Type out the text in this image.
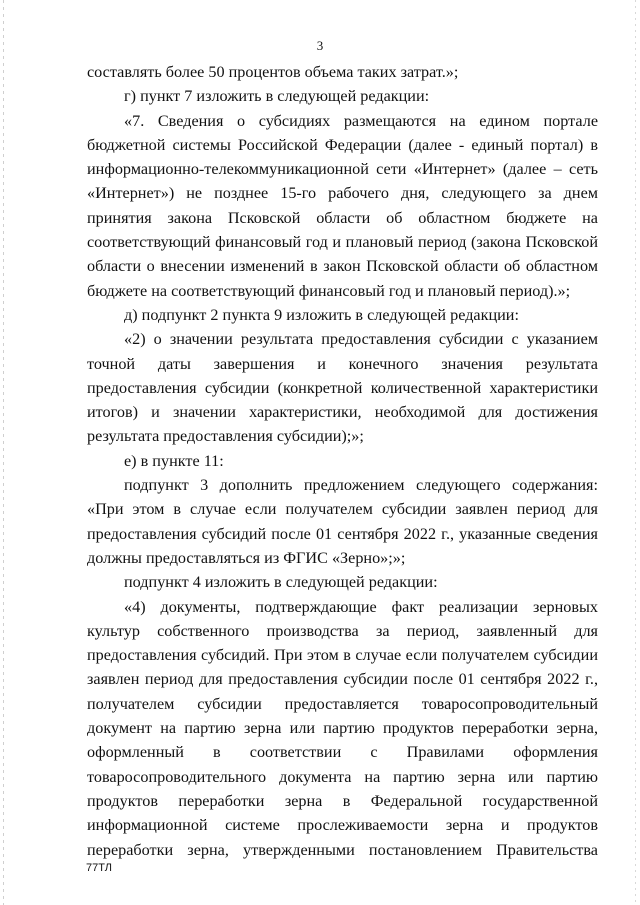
3
составлять более 50 процентов объема таких затрат.»;
г) пункт 7 изложить в следующей редакции:
«7. Сведения о субсидиях размещаются на едином портале
бюджетной системы Российской Федерации (далее - единый портал) в
информационно-телекоммуникационной сети «Интернет» (далее – сеть
«Интернет») не позднее 15-го рабочего дня, следующего за днем
принятия закона Псковской области об областном бюджете на
соответствующий финансовый год и плановый период (закона Псковской
области о внесении изменений в закон Псковской области об областном
бюджете на соответствующий финансовый год и плановый период).»;
д) подпункт 2 пункта 9 изложить в следующей редакции:
«2) о значении результата предоставления субсидии с указанием
точной даты завершения и конечного значения результата
предоставления субсидии (конкретной количественной характеристики
итогов) и значении характеристики, необходимой для достижения
результата предоставления субсидии);»;
е) в пункте 11:
подпункт 3 дополнить предложением следующего содержания:
«При этом в случае если получателем субсидии заявлен период для
предоставления субсидий после 01 сентября 2022 г., указанные сведения
должны предоставляться из ФГИС «Зерно»;»;
подпункт 4 изложить в следующей редакции:
«4) документы, подтверждающие факт реализации зерновых
культур собственного производства за период, заявленный для
предоставления субсидий. При этом в случае если получателем субсидии
заявлен период для предоставления субсидии после 01 сентября 2022 г.,
получателем субсидии предоставляется товаросопроводительный
документ на партию зерна или партию продуктов переработки зерна,
оформленный в соответствии с Правилами оформления
товаросопроводительного документа на партию зерна или партию
продуктов переработки зерна в Федеральной государственной
информационной системе прослеживаемости зерна и продуктов
переработки зерна, утвержденными постановлением Правительства
77ТЛ
